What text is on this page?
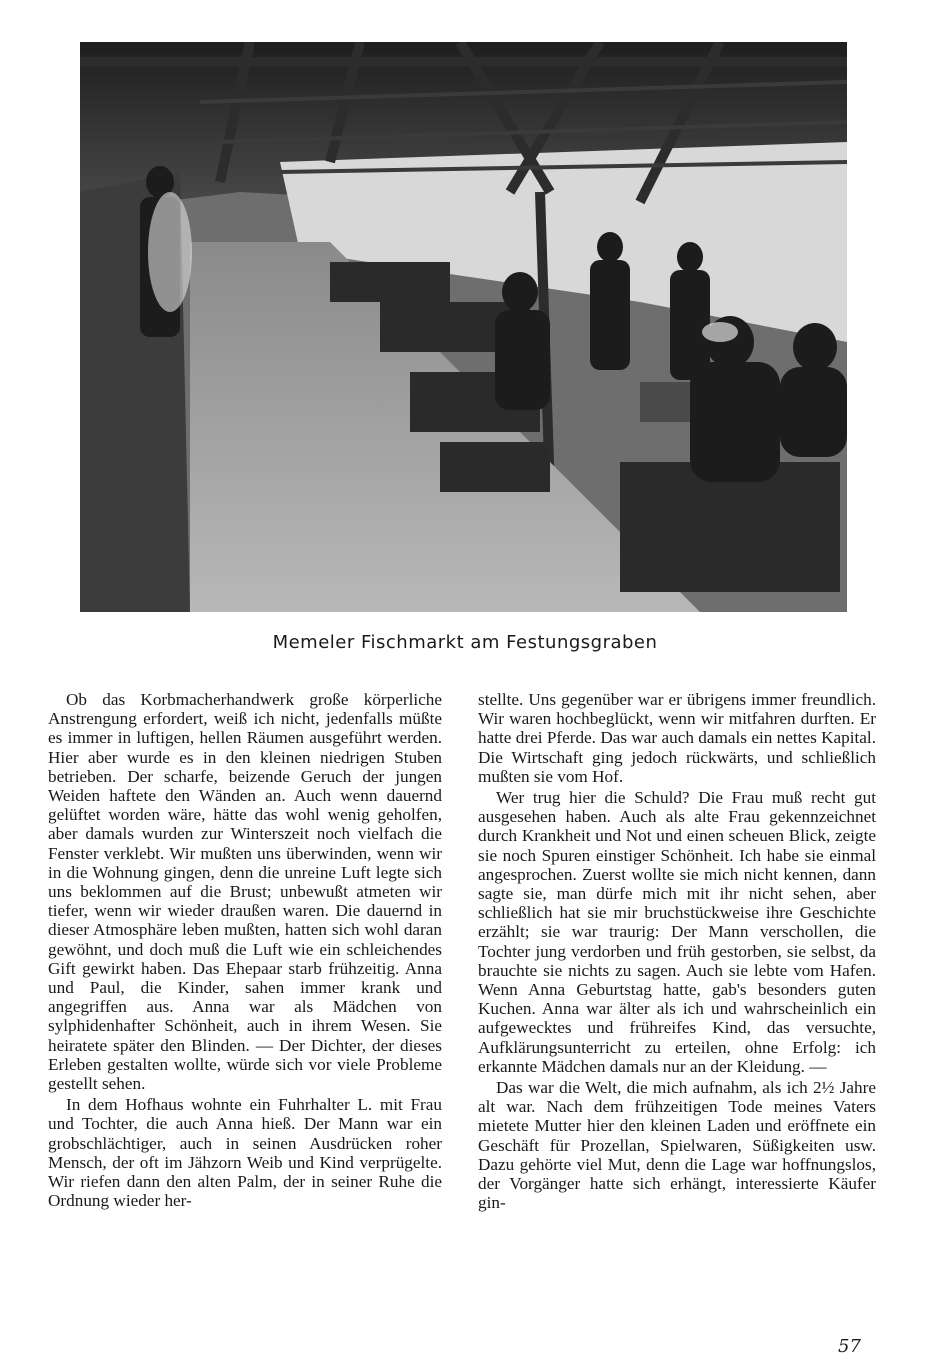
Memeler Fischmarkt am Festungsgraben

Ob das Korbmacherhandwerk große körperliche Anstrengung erfordert, weiß ich nicht, jedenfalls müßte es immer in luftigen, hellen Räumen ausgeführt werden. Hier aber wurde es in den kleinen niedrigen Stuben betrieben. Der scharfe, beizende Geruch der jungen Weiden haftete den Wänden an. Auch wenn dauernd gelüftet worden wäre, hätte das wohl wenig geholfen, aber damals wurden zur Winterszeit noch vielfach die Fenster verklebt. Wir mußten uns überwinden, wenn wir in die Wohnung gingen, denn die unreine Luft legte sich uns beklommen auf die Brust; unbewußt atmeten wir tiefer, wenn wir wieder draußen waren. Die dauernd in dieser Atmosphäre leben mußten, hatten sich wohl daran gewöhnt, und doch muß die Luft wie ein schleichendes Gift gewirkt haben. Das Ehepaar starb frühzeitig. Anna und Paul, die Kinder, sahen immer krank und angegriffen aus. Anna war als Mädchen von sylphidenhafter Schönheit, auch in ihrem Wesen. Sie heiratete später den Blinden. — Der Dichter, der dieses Erleben gestalten wollte, würde sich vor viele Probleme gestellt sehen.

In dem Hofhaus wohnte ein Fuhrhalter L. mit Frau und Tochter, die auch Anna hieß. Der Mann war ein grobschlächtiger, auch in seinen Ausdrücken roher Mensch, der oft im Jähzorn Weib und Kind verprügelte. Wir riefen dann den alten Palm, der in seiner Ruhe die Ordnung wieder her-

stellte. Uns gegenüber war er übrigens immer freundlich. Wir waren hochbeglückt, wenn wir mitfahren durften. Er hatte drei Pferde. Das war auch damals ein nettes Kapital. Die Wirtschaft ging jedoch rückwärts, und schließlich mußten sie vom Hof.

Wer trug hier die Schuld? Die Frau muß recht gut ausgesehen haben. Auch als alte Frau gekennzeichnet durch Krankheit und Not und einen scheuen Blick, zeigte sie noch Spuren einstiger Schönheit. Ich habe sie einmal angesprochen. Zuerst wollte sie mich nicht kennen, dann sagte sie, man dürfe mich mit ihr nicht sehen, aber schließlich hat sie mir bruchstückweise ihre Geschichte erzählt; sie war traurig: Der Mann verschollen, die Tochter jung verdorben und früh gestorben, sie selbst, da brauchte sie nichts zu sagen. Auch sie lebte vom Hafen. Wenn Anna Geburtstag hatte, gab's besonders guten Kuchen. Anna war älter als ich und wahrscheinlich ein aufgewecktes und frühreifes Kind, das versuchte, Aufklärungsunterricht zu erteilen, ohne Erfolg: ich erkannte Mädchen damals nur an der Kleidung. —

Das war die Welt, die mich aufnahm, als ich 2½ Jahre alt war. Nach dem frühzeitigen Tode meines Vaters mietete Mutter hier den kleinen Laden und eröffnete ein Geschäft für Prozellan, Spielwaren, Süßigkeiten usw. Dazu gehörte viel Mut, denn die Lage war hoffnungslos, der Vorgänger hatte sich erhängt, interessierte Käufer gin-

57
